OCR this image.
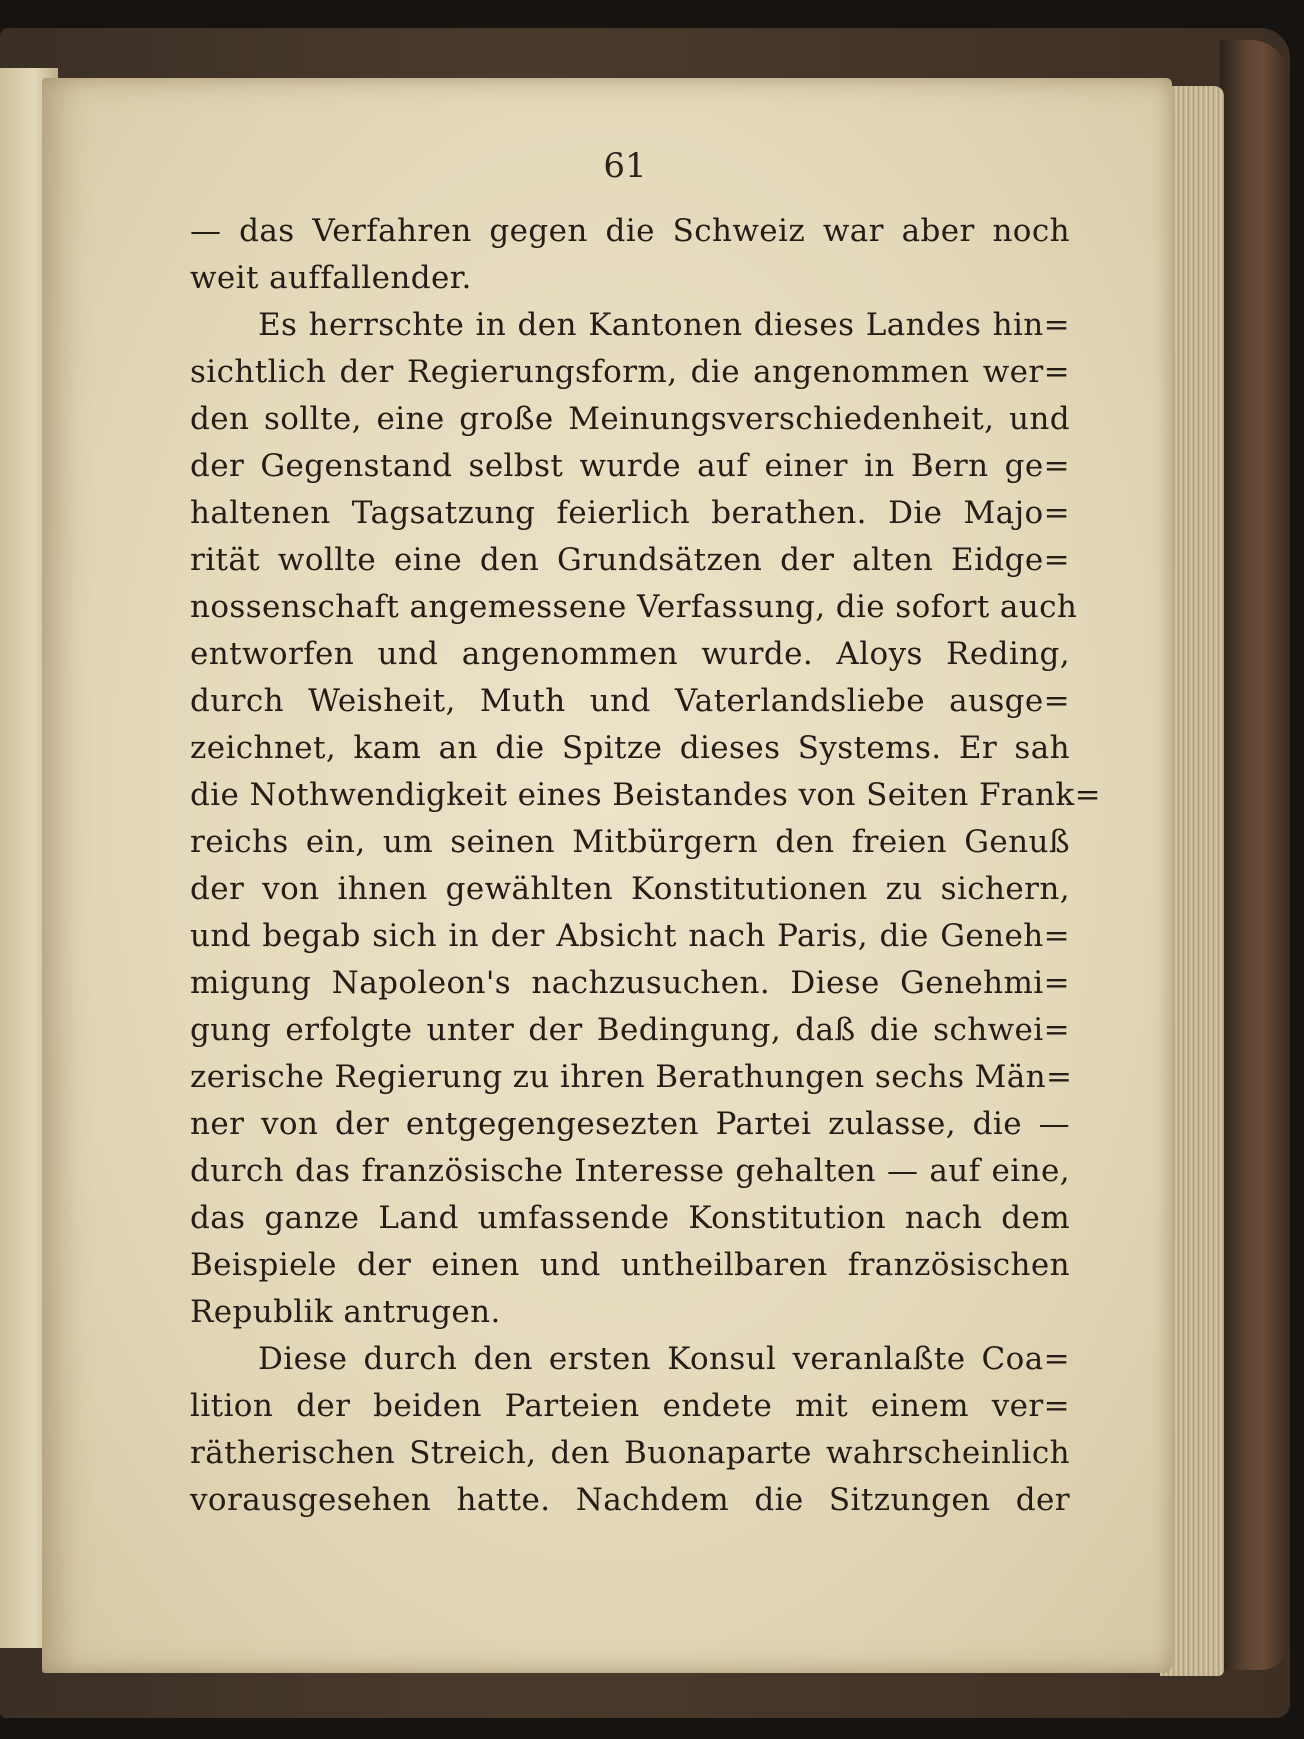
61

— das Verfahren gegen die Schweiz war aber noch
weit auffallender.
Es herrschte in den Kantonen dieses Landes hin=
sichtlich der Regierungsform, die angenommen wer=
den sollte, eine große Meinungsverschiedenheit, und
der Gegenstand selbst wurde auf einer in Bern ge=
haltenen Tagsatzung feierlich berathen. Die Majo=
rität wollte eine den Grundsätzen der alten Eidge=
nossenschaft angemessene Verfassung, die sofort auch
entworfen und angenommen wurde. Aloys Reding,
durch Weisheit, Muth und Vaterlandsliebe ausge=
zeichnet, kam an die Spitze dieses Systems. Er sah
die Nothwendigkeit eines Beistandes von Seiten Frank=
reichs ein, um seinen Mitbürgern den freien Genuß
der von ihnen gewählten Konstitutionen zu sichern,
und begab sich in der Absicht nach Paris, die Geneh=
migung Napoleon's nachzusuchen. Diese Genehmi=
gung erfolgte unter der Bedingung, daß die schwei=
zerische Regierung zu ihren Berathungen sechs Män=
ner von der entgegengesezten Partei zulasse, die —
durch das französische Interesse gehalten — auf eine,
das ganze Land umfassende Konstitution nach dem
Beispiele der einen und untheilbaren französischen
Republik antrugen.
Diese durch den ersten Konsul veranlaßte Coa=
lition der beiden Parteien endete mit einem ver=
rätherischen Streich, den Buonaparte wahrscheinlich
vorausgesehen hatte. Nachdem die Sitzungen der
